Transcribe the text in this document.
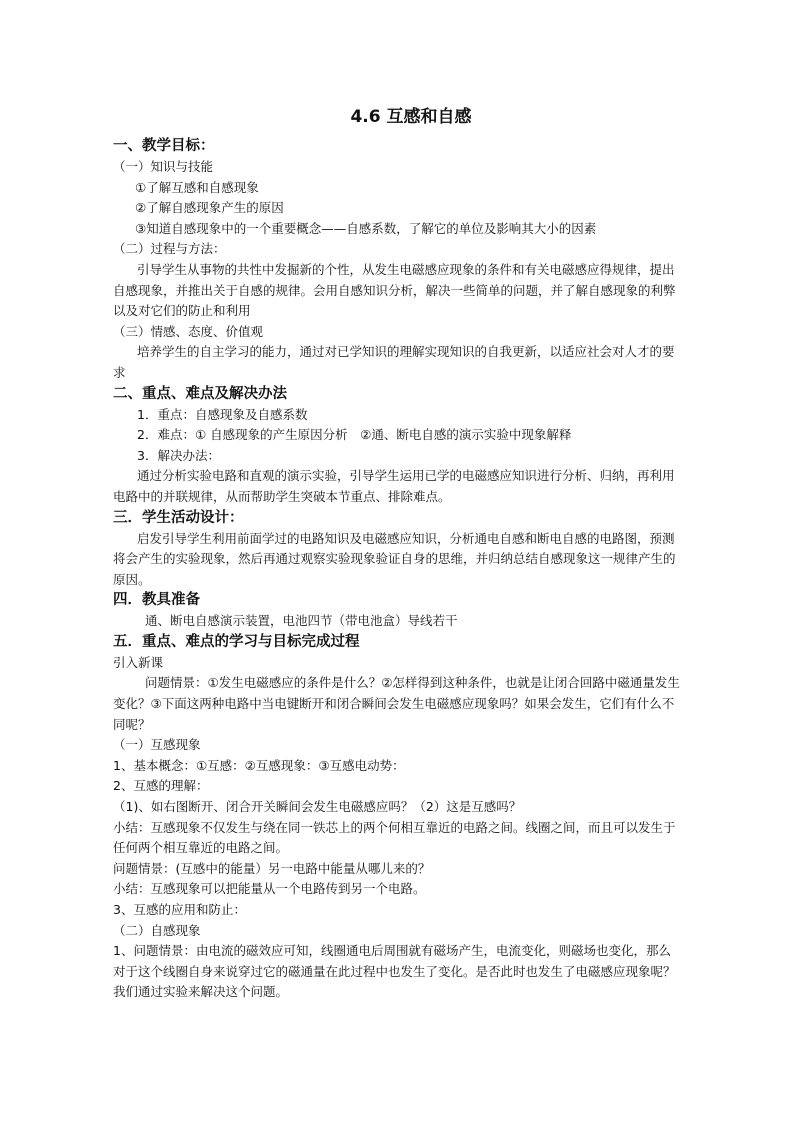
4.6 互感和自感
一、教学目标：
（一）知识与技能
①了解互感和自感现象
②了解自感现象产生的原因
③知道自感现象中的一个重要概念——自感系数，了解它的单位及影响其大小的因素
（二）过程与方法：
引导学生从事物的共性中发掘新的个性，从发生电磁感应现象的条件和有关电磁感应得规律，提出自感现象，并推出关于自感的规律。会用自感知识分析，解决一些简单的问题，并了解自感现象的利弊以及对它们的防止和利用
（三）情感、态度、价值观
培养学生的自主学习的能力，通过对已学知识的理解实现知识的自我更新，以适应社会对人才的要求
二、重点、难点及解决办法
1．重点：自感现象及自感系数
2．难点：① 自感现象的产生原因分析　②通、断电自感的演示实验中现象解释
3．解决办法：
通过分析实验电路和直观的演示实验，引导学生运用已学的电磁感应知识进行分析、归纳，再利用电路中的并联规律，从而帮助学生突破本节重点、排除难点。
三．学生活动设计：
启发引导学生利用前面学过的电路知识及电磁感应知识，分析通电自感和断电自感的电路图，预测将会产生的实验现象，然后再通过观察实验现象验证自身的思维，并归纳总结自感现象这一规律产生的原因。
四．教具准备
通、断电自感演示装置，电池四节（带电池盒）导线若干
五．重点、难点的学习与目标完成过程
引入新课
问题情景：①发生电磁感应的条件是什么？②怎样得到这种条件，也就是让闭合回路中磁通量发生变化？③下面这两种电路中当电键断开和闭合瞬间会发生电磁感应现象吗？如果会发生，它们有什么不同呢？
（一）互感现象
1、基本概念：①互感：②互感现象：③互感电动势：
2、互感的理解：
（1)、如右图断开、闭合开关瞬间会发生电磁感应吗？（2）这是互感吗？
小结：互感现象不仅发生与绕在同一铁芯上的两个何相互靠近的电路之间。线圈之间，而且可以发生于任何两个相互靠近的电路之间。
问题情景：(互感中的能量）另一电路中能量从哪儿来的？
小结：互感现象可以把能量从一个电路传到另一个电路。
3、互感的应用和防止：
（二）自感现象
1、问题情景：由电流的磁效应可知，线圈通电后周围就有磁场产生，电流变化，则磁场也变化，那么对于这个线圈自身来说穿过它的磁通量在此过程中也发生了变化。是否此时也发生了电磁感应现象呢？我们通过实验来解决这个问题。
